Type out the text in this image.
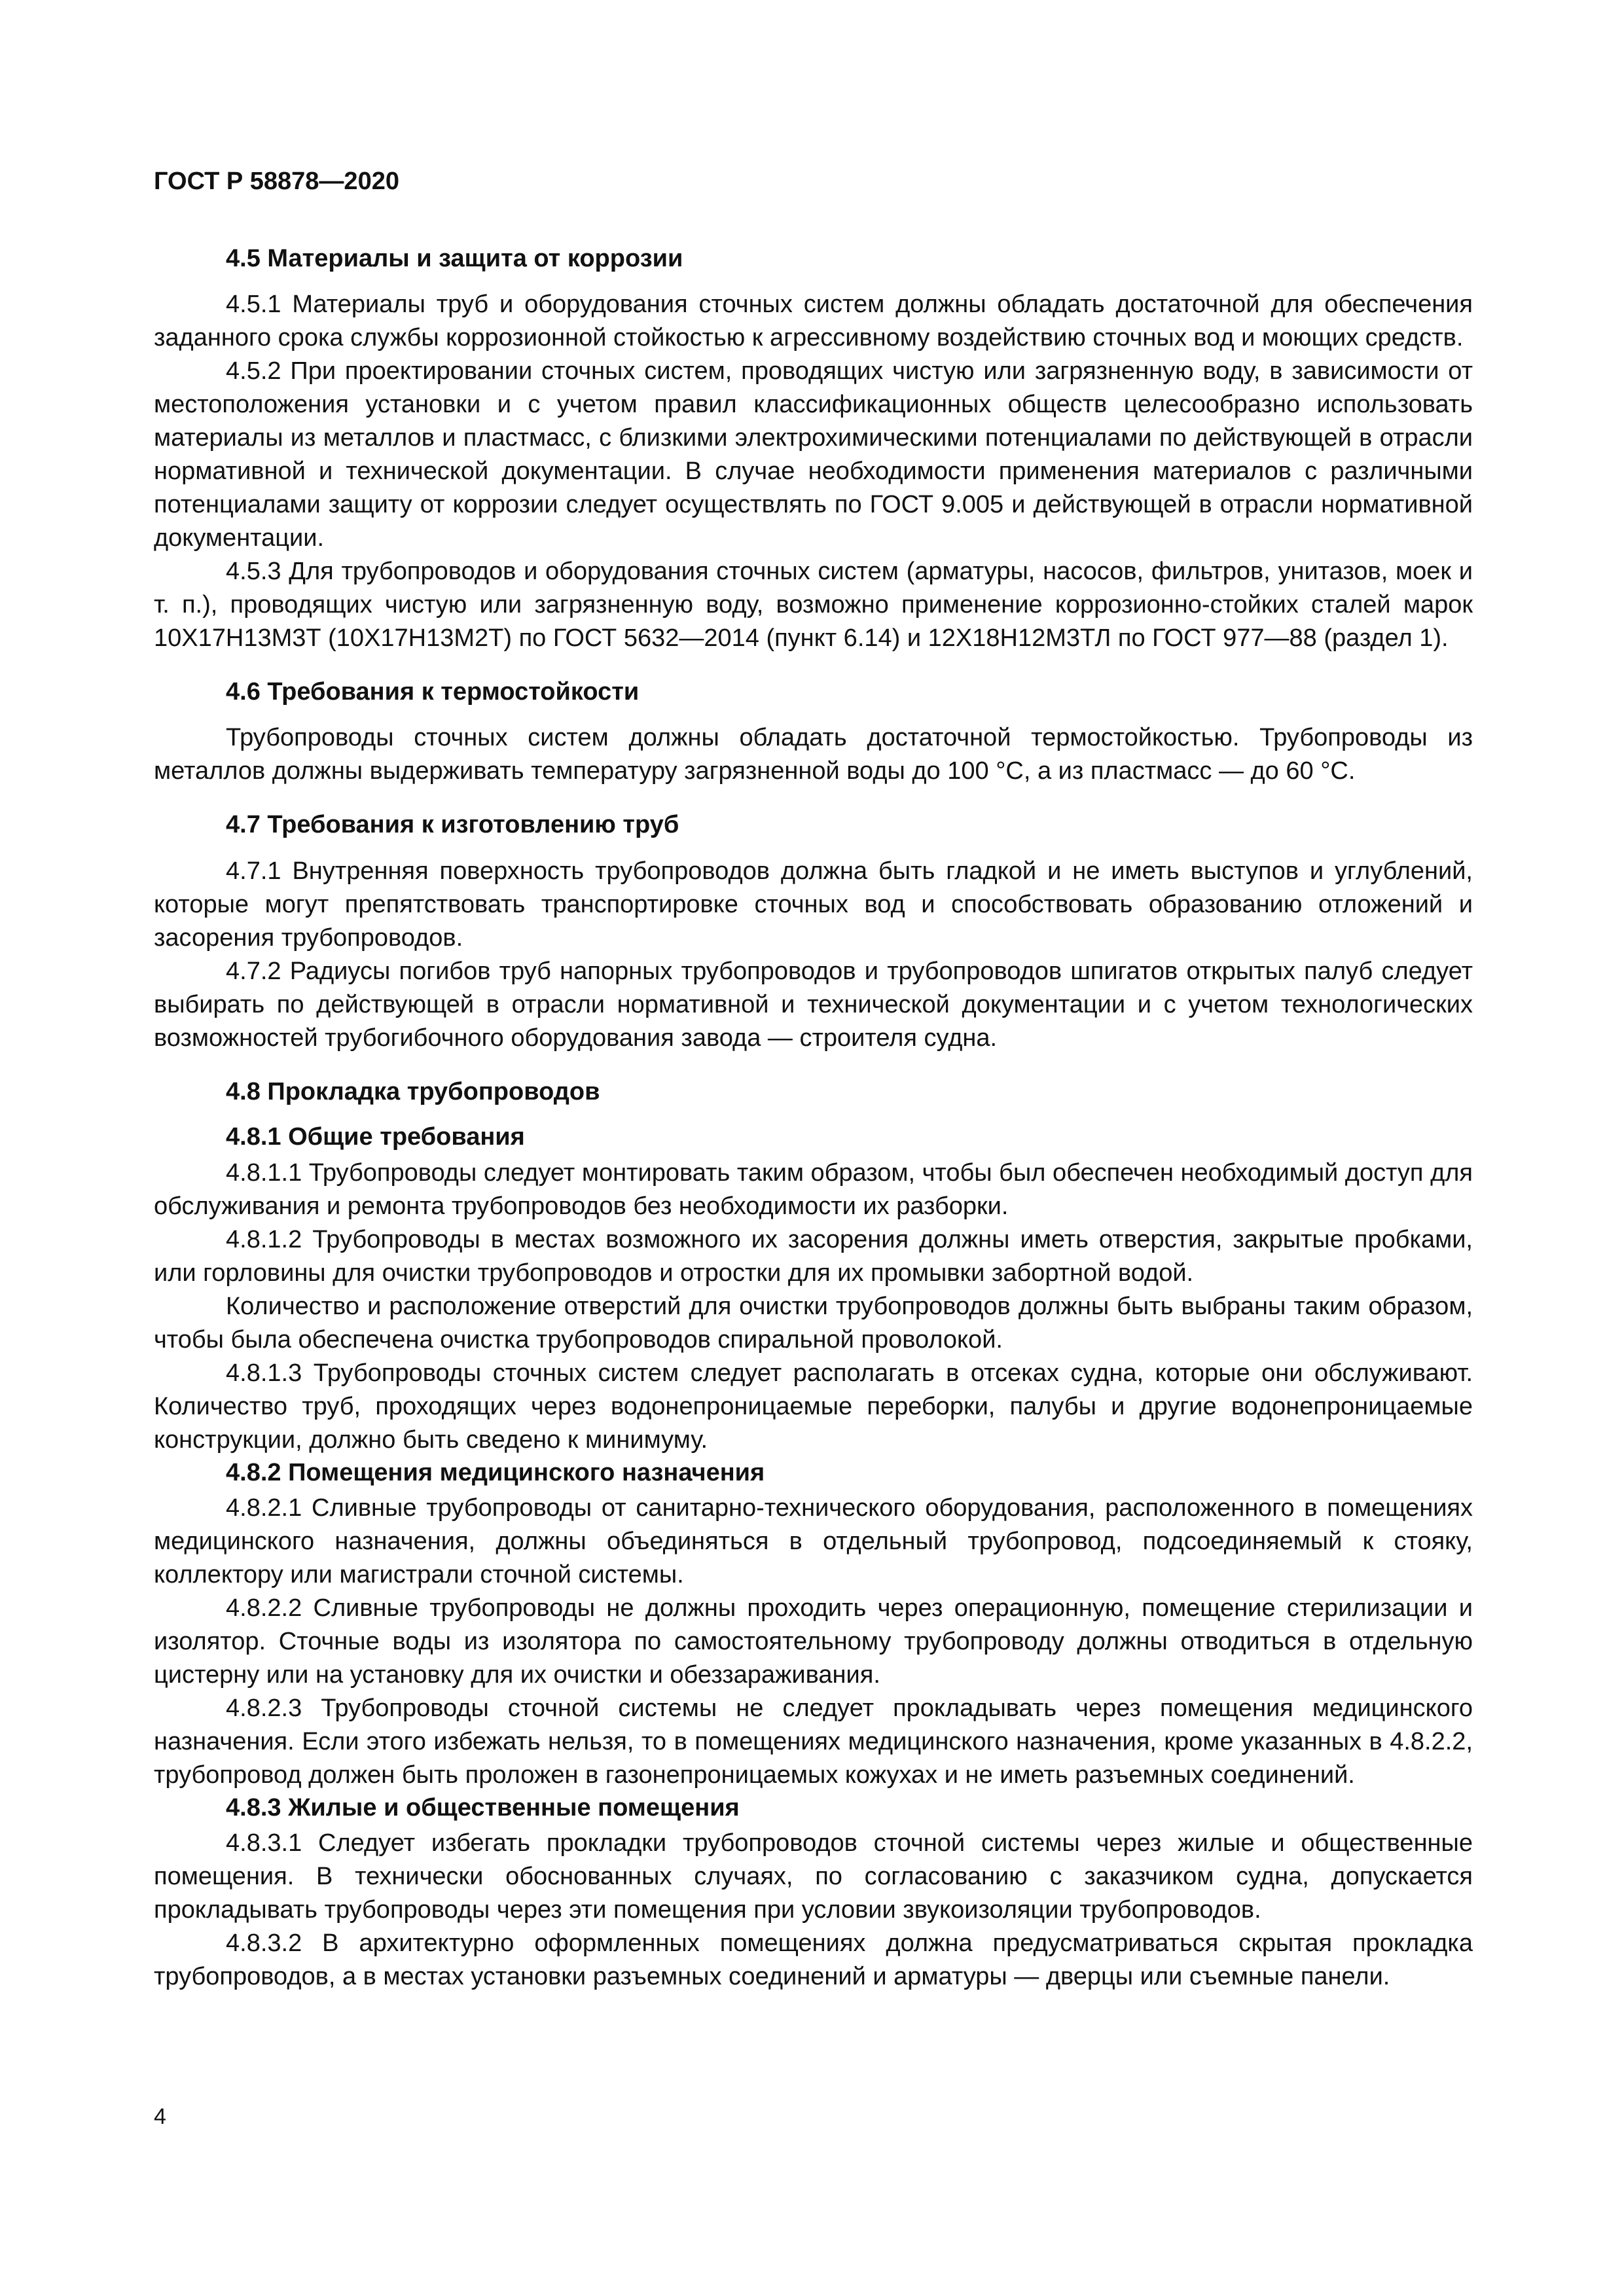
ГОСТ Р 58878—2020
4.5 Материалы и защита от коррозии

4.5.1 Материалы труб и оборудования сточных систем должны обладать достаточной для обеспечения заданного срока службы коррозионной стойкостью к агрессивному воздействию сточных вод и моющих средств.

4.5.2 При проектировании сточных систем, проводящих чистую или загрязненную воду, в зависимости от местоположения установки и с учетом правил классификационных обществ целесообразно использовать материалы из металлов и пластмасс, с близкими электрохимическими потенциалами по действующей в отрасли нормативной и технической документации. В случае необходимости применения материалов с различными потенциалами защиту от коррозии следует осуществлять по ГОСТ 9.005 и действующей в отрасли нормативной документации.

4.5.3 Для трубопроводов и оборудования сточных систем (арматуры, насосов, фильтров, унитазов, моек и т. п.), проводящих чистую или загрязненную воду, возможно применение коррозионно-стойких сталей марок 10Х17Н13М3Т (10Х17Н13М2Т) по ГОСТ 5632—2014 (пункт 6.14) и 12Х18Н12М3ТЛ по ГОСТ 977—88 (раздел 1).

4.6 Требования к термостойкости

Трубопроводы сточных систем должны обладать достаточной термостойкостью. Трубопроводы из металлов должны выдерживать температуру загрязненной воды до 100 °С, а из пластмасс — до 60 °С.

4.7 Требования к изготовлению труб

4.7.1 Внутренняя поверхность трубопроводов должна быть гладкой и не иметь выступов и углублений, которые могут препятствовать транспортировке сточных вод и способствовать образованию отложений и засорения трубопроводов.

4.7.2 Радиусы погибов труб напорных трубопроводов и трубопроводов шпигатов открытых палуб следует выбирать по действующей в отрасли нормативной и технической документации и с учетом технологических возможностей трубогибочного оборудования завода — строителя судна.

4.8 Прокладка трубопроводов
4.8.1 Общие требования

4.8.1.1 Трубопроводы следует монтировать таким образом, чтобы был обеспечен необходимый доступ для обслуживания и ремонта трубопроводов без необходимости их разборки.

4.8.1.2 Трубопроводы в местах возможного их засорения должны иметь отверстия, закрытые пробками, или горловины для очистки трубопроводов и отростки для их промывки забортной водой.

Количество и расположение отверстий для очистки трубопроводов должны быть выбраны таким образом, чтобы была обеспечена очистка трубопроводов спиральной проволокой.

4.8.1.3 Трубопроводы сточных систем следует располагать в отсеках судна, которые они обслуживают. Количество труб, проходящих через водонепроницаемые переборки, палубы и другие водонепроницаемые конструкции, должно быть сведено к минимуму.

4.8.2 Помещения медицинского назначения

4.8.2.1 Сливные трубопроводы от санитарно-технического оборудования, расположенного в помещениях медицинского назначения, должны объединяться в отдельный трубопровод, подсоединяемый к стояку, коллектору или магистрали сточной системы.

4.8.2.2 Сливные трубопроводы не должны проходить через операционную, помещение стерилизации и изолятор. Сточные воды из изолятора по самостоятельному трубопроводу должны отводиться в отдельную цистерну или на установку для их очистки и обеззараживания.

4.8.2.3 Трубопроводы сточной системы не следует прокладывать через помещения медицинского назначения. Если этого избежать нельзя, то в помещениях медицинского назначения, кроме указанных в 4.8.2.2, трубопровод должен быть проложен в газонепроницаемых кожухах и не иметь разъемных соединений.

4.8.3 Жилые и общественные помещения

4.8.3.1 Следует избегать прокладки трубопроводов сточной системы через жилые и общественные помещения. В технически обоснованных случаях, по согласованию с заказчиком судна, допускается прокладывать трубопроводы через эти помещения при условии звукоизоляции трубопроводов.

4.8.3.2 В архитектурно оформленных помещениях должна предусматриваться скрытая прокладка трубопроводов, а в местах установки разъемных соединений и арматуры — дверцы или съемные панели.

4
